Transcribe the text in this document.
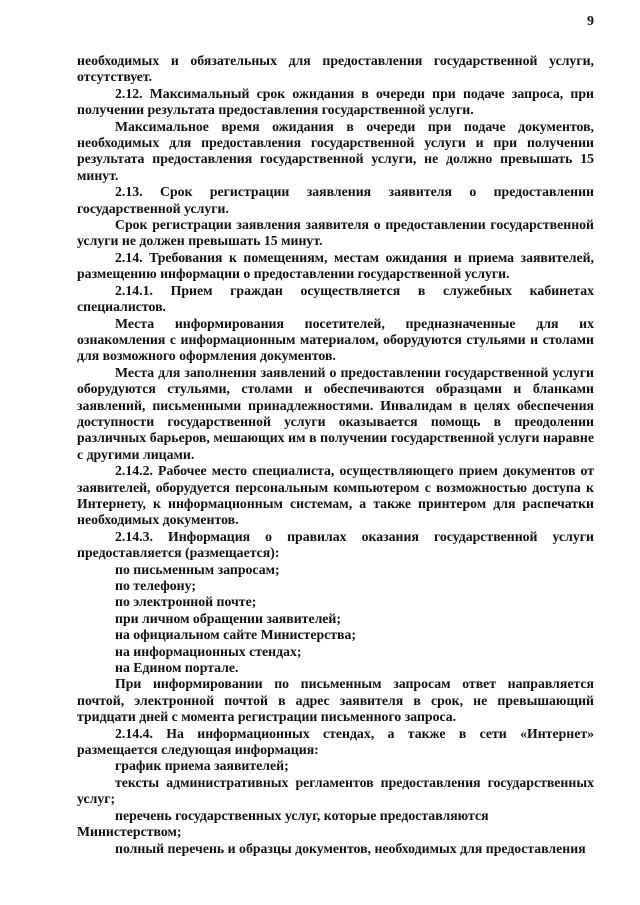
9

необходимых и обязательных для предоставления государственной услуги, отсутствует.

2.12. Максимальный срок ожидания в очереди при подаче запроса, при получении результата предоставления государственной услуги.

Максимальное время ожидания в очереди при подаче документов, необходимых для предоставления государственной услуги и при получении результата предоставления государственной услуги, не должно превышать 15 минут.

2.13. Срок регистрации заявления заявителя о предоставлении государственной услуги.

Срок регистрации заявления заявителя о предоставлении государственной услуги не должен превышать 15 минут.

2.14. Требования к помещениям, местам ожидания и приема заявителей, размещению информации о предоставлении государственной услуги.

2.14.1. Прием граждан осуществляется в служебных кабинетах специалистов.

Места информирования посетителей, предназначенные для их ознакомления с информационным материалом, оборудуются стульями и столами для возможного оформления документов.

Места для заполнения заявлений о предоставлении государственной услуги оборудуются стульями, столами и обеспечиваются образцами и бланками заявлений, письменными принадлежностями. Инвалидам в целях обеспечения доступности государственной услуги оказывается помощь в преодолении различных барьеров, мешающих им в получении государственной услуги наравне с другими лицами.

2.14.2. Рабочее место специалиста, осуществляющего прием документов от заявителей, оборудуется персональным компьютером с возможностью доступа к Интернету, к информационным системам, а также принтером для распечатки необходимых документов.

2.14.3. Информация о правилах оказания государственной услуги предоставляется (размещается):

по письменным запросам;

по телефону;

по электронной почте;

при личном обращении заявителей;

на официальном сайте Министерства;

на информационных стендах;

на Едином портале.

При информировании по письменным запросам ответ направляется почтой, электронной почтой в адрес заявителя в срок, не превышающий тридцати дней с момента регистрации письменного запроса.

2.14.4. На информационных стендах, а также в сети «Интернет» размещается следующая информация:

график приема заявителей;

тексты административных регламентов предоставления государственных услуг;

перечень государственных услуг, которые предоставляются Министерством;

полный перечень и образцы документов, необходимых для предоставления
